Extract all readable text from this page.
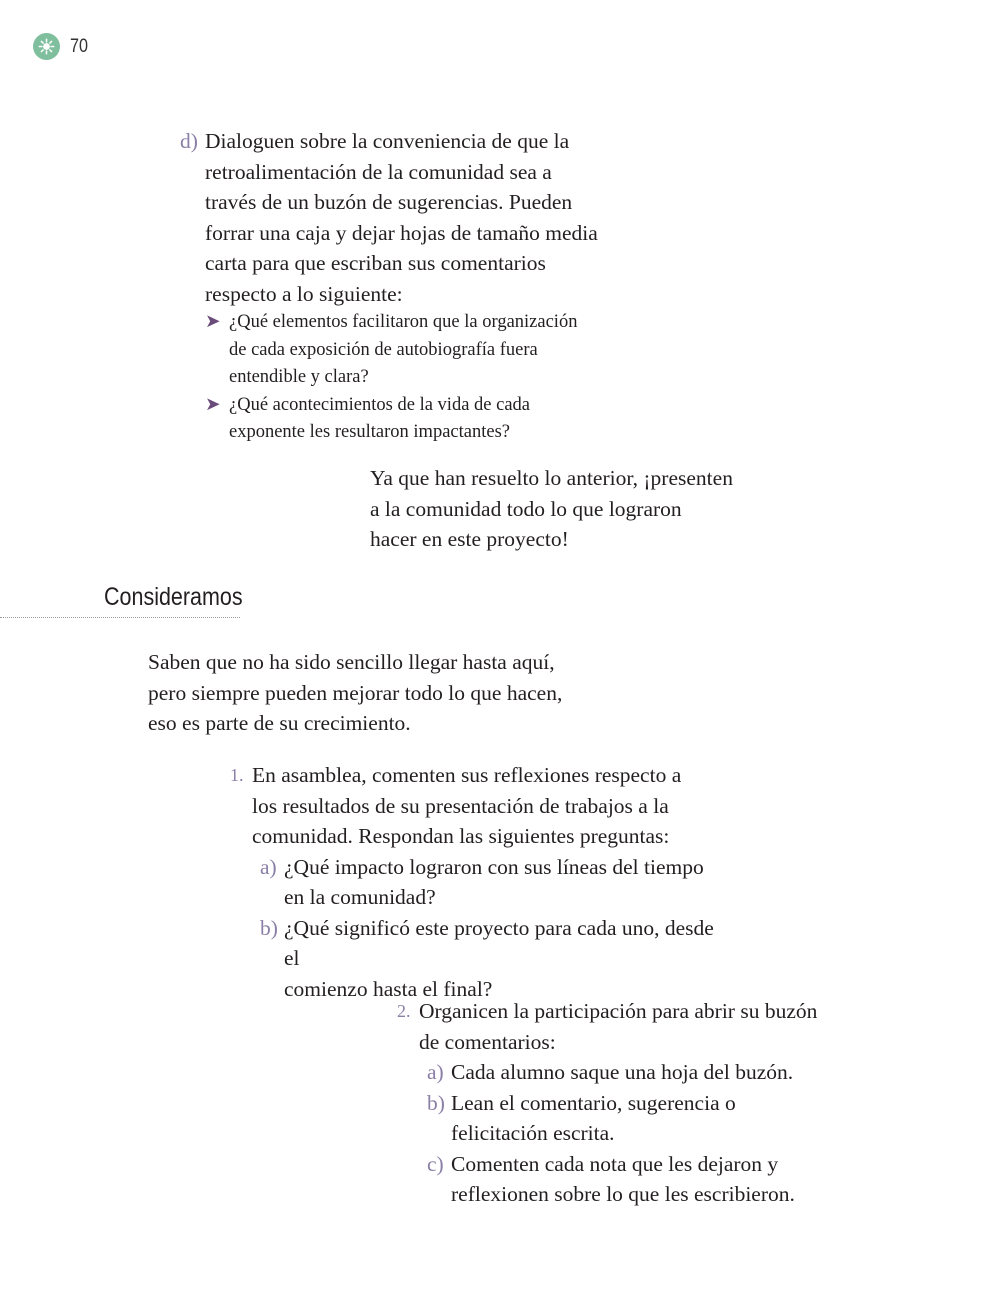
70
d) Dialoguen sobre la conveniencia de que la

retroalimentación de la comunidad sea a

través de un buzón de sugerencias. Pueden

forrar una caja y dejar hojas de tamaño media

carta para que escriban sus comentarios

respecto a lo siguiente:

➤ ¿Qué elementos facilitaron que la organización

de cada exposición de autobiografía fuera

entendible y clara?

➤ ¿Qué acontecimientos de la vida de cada

exponente les resultaron impactantes?

Ya que han resuelto lo anterior, ¡presenten

a la comunidad todo lo que lograron

hacer en este proyecto!

Consideramos

Saben que no ha sido sencillo llegar hasta aquí,

pero siempre pueden mejorar todo lo que hacen,

eso es parte de su crecimiento.

1. En asamblea, comenten sus reflexiones respecto a

los resultados de su presentación de trabajos a la

comunidad. Respondan las siguientes preguntas:

a) ¿Qué impacto lograron con sus líneas del tiempo

en la comunidad?

b) ¿Qué significó este proyecto para cada uno, desde el

comienzo hasta el final?

2. Organicen la participación para abrir su buzón

de comentarios:

a) Cada alumno saque una hoja del buzón.

b) Lean el comentario, sugerencia o

felicitación escrita.

c) Comenten cada nota que les dejaron y

reflexionen sobre lo que les escribieron.
